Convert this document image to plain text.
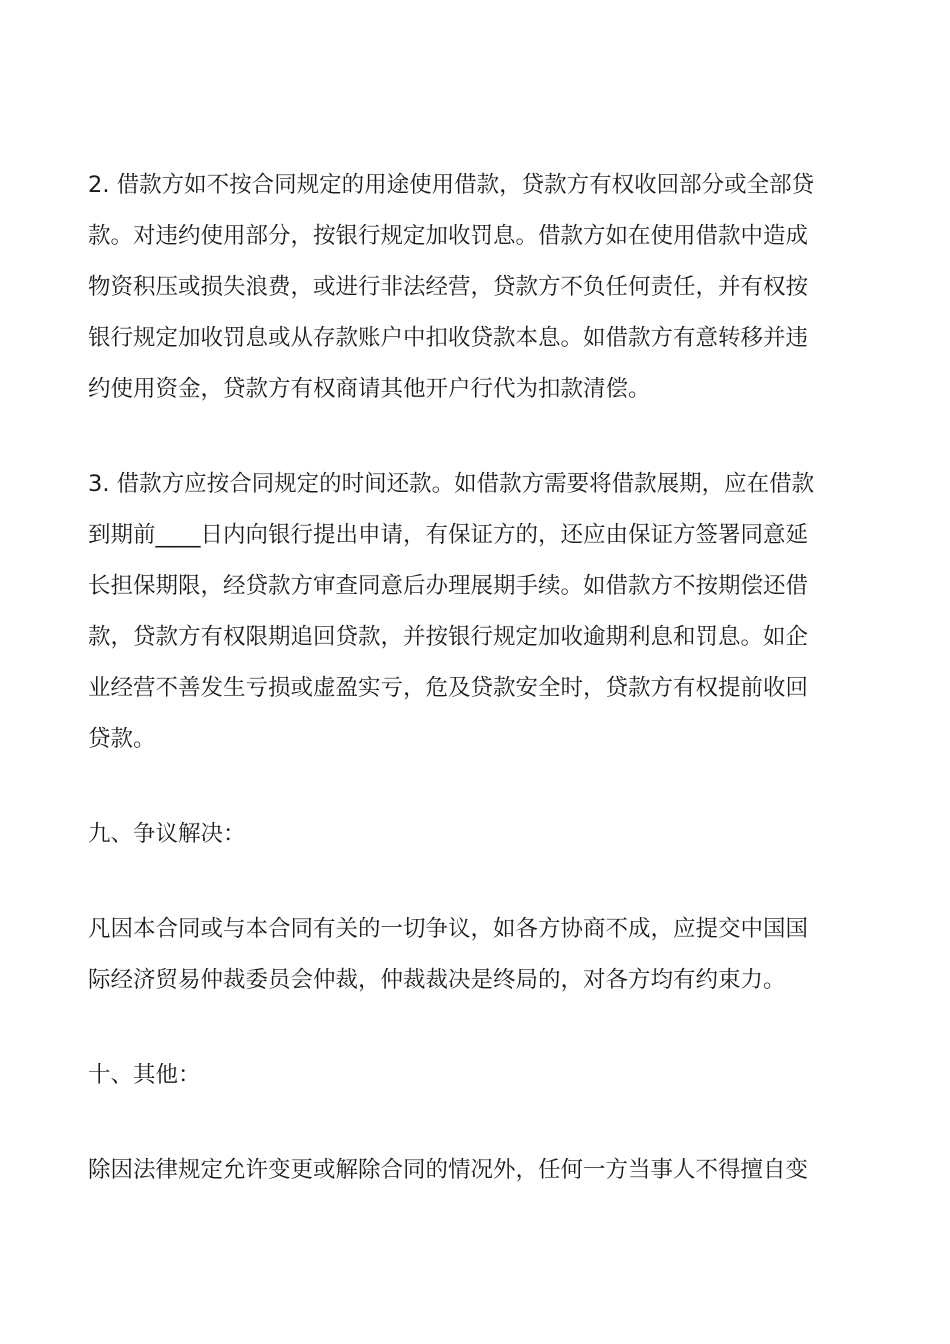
2. 借款方如不按合同规定的用途使用借款，贷款方有权收回部分或全部贷
款。对违约使用部分，按银行规定加收罚息。借款方如在使用借款中造成
物资积压或损失浪费，或进行非法经营，贷款方不负任何责任，并有权按
银行规定加收罚息或从存款账户中扣收贷款本息。如借款方有意转移并违
约使用资金，贷款方有权商请其他开户行代为扣款清偿。
3. 借款方应按合同规定的时间还款。如借款方需要将借款展期，应在借款
到期前____日内向银行提出申请，有保证方的，还应由保证方签署同意延
长担保期限，经贷款方审查同意后办理展期手续。如借款方不按期偿还借
款，贷款方有权限期追回贷款，并按银行规定加收逾期利息和罚息。如企
业经营不善发生亏损或虚盈实亏，危及贷款安全时，贷款方有权提前收回
贷款。
九、争议解决：
凡因本合同或与本合同有关的一切争议，如各方协商不成，应提交中国国
际经济贸易仲裁委员会仲裁，仲裁裁决是终局的，对各方均有约束力。
十、其他：
除因法律规定允许变更或解除合同的情况外，任何一方当事人不得擅自变
